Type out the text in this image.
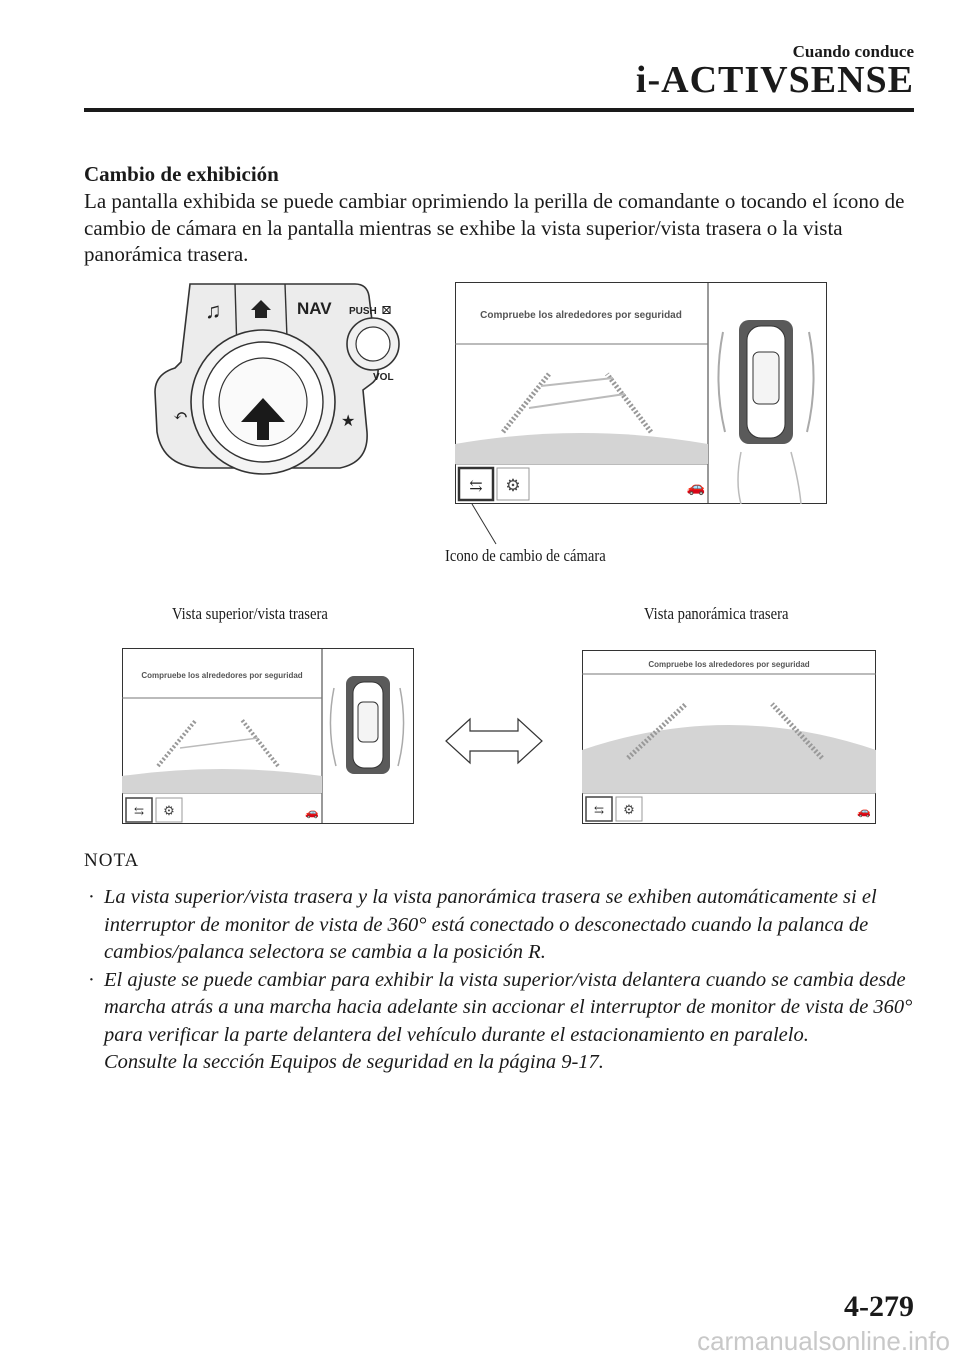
Cuando conduce
i-ACTIVSENSE
Cambio de exhibición
La pantalla exhibida se puede cambiar oprimiendo la perilla de comandante o tocando el ícono de cambio de cámara en la pantalla mientras se exhibe la vista superior/vista trasera o la vista panorámica trasera.
♫	NAV
↶	★
PUSH
VOL
⊠	Compruebe los alrededores por seguridad
⇆ ⚙	🚗
Icono de cambio de cámara
Vista superior/vista trasera	Vista panorámica trasera
Compruebe los alrededores por seguridad
⇆ ⚙	🚗
Compruebe los alrededores por seguridad
⇆ ⚙	🚗
NOTA
· La vista superior/vista trasera y la vista panorámica trasera se exhiben automáticamente si el interruptor de monitor de vista de 360° está conectado o desconectado cuando la palanca de cambios/palanca selectora se cambia a la posición R.
· El ajuste se puede cambiar para exhibir la vista superior/vista delantera cuando se cambia desde marcha atrás a una marcha hacia adelante sin accionar el interruptor de monitor de vista de 360° para verificar la parte delantera del vehículo durante el estacionamiento en paralelo.
Consulte la sección Equipos de seguridad en la página 9-17.
4-279
carmanualsonline.info
